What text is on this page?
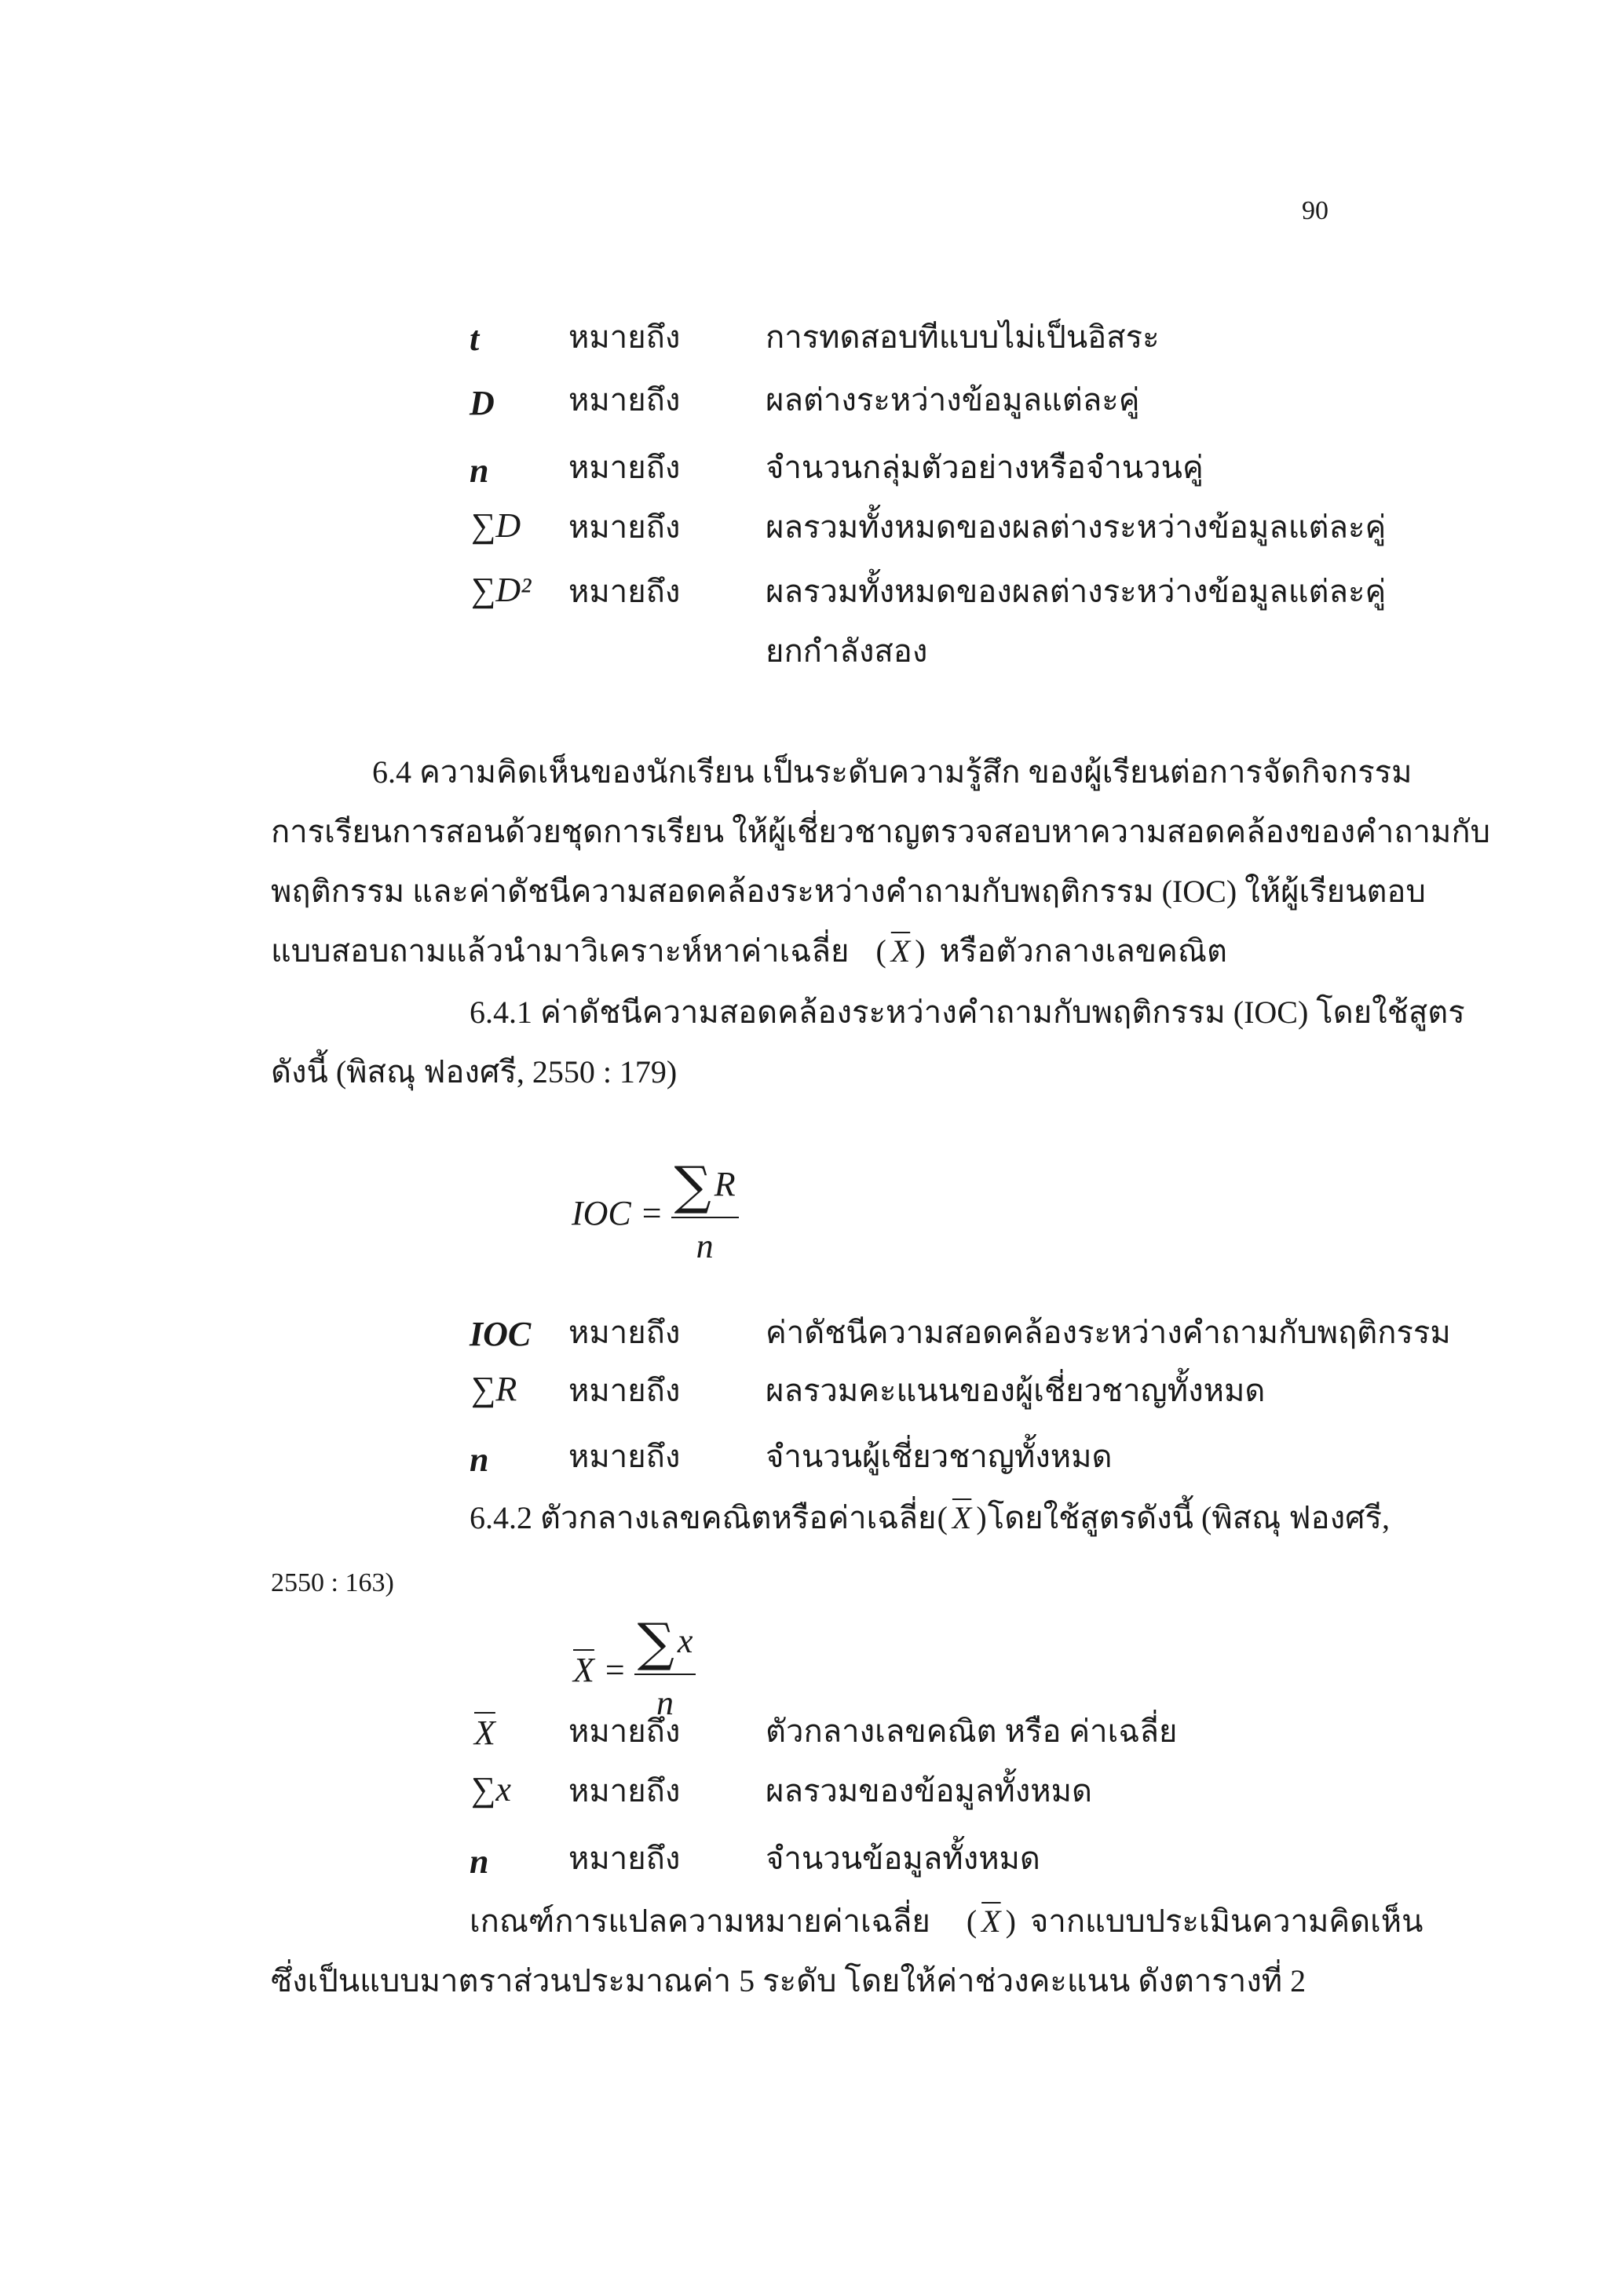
90
t	หมายถึง	การทดสอบทีแบบไม่เป็นอิสระ
D หมายถึง	ผลต่างระหว่างข้อมูลแต่ละคู่
n	หมายถึง	จำนวนกลุ่มตัวอย่างหรือจำนวนคู่
∑D หมายถึง	ผลรวมทั้งหมดของผลต่างระหว่างข้อมูลแต่ละคู่
∑D² หมายถึง	ผลรวมทั้งหมดของผลต่างระหว่างข้อมูลแต่ละคู่
ยกกำลังสอง
6.4 ความคิดเห็นของนักเรียน เป็นระดับความรู้สึก ของผู้เรียนต่อการจัดกิจกรรม
การเรียนการสอนด้วยชุดการเรียน ให้ผู้เชี่ยวชาญตรวจสอบหาความสอดคล้องของคำถามกับ
พฤติกรรม และค่าดัชนีความสอดคล้องระหว่างคำถามกับพฤติกรรม (IOC) ให้ผู้เรียนตอบ
แบบสอบถามแล้วนำมาวิเคราะห์หาค่าเฉลี่ย ( $\overline{X}$ ) หรือตัวกลางเลขคณิต
6.4.1 ค่าดัชนีความสอดคล้องระหว่างคำถามกับพฤติกรรม (IOC) โดยใช้สูตร
ดังนี้ (พิสณุ ฟองศรี, 2550 : 179)
IOC = $\frac{\sum R}{n}$
IOC หมายถึง	ค่าดัชนีความสอดคล้องระหว่างคำถามกับพฤติกรรม
∑R หมายถึง	ผลรวมคะแนนของผู้เชี่ยวชาญทั้งหมด
n	หมายถึง	จำนวนผู้เชี่ยวชาญทั้งหมด
6.4.2 ตัวกลางเลขคณิตหรือค่าเฉลี่ย ( $\overline{X}$ ) โดยใช้สูตรดังนี้ (พิสณุ ฟองศรี,
2550 : 163)
$\overline{X} = \frac{\sum x}{n}$
$\overline{X}$ หมายถึง	ตัวกลางเลขคณิต หรือ ค่าเฉลี่ย
∑x หมายถึง	ผลรวมของข้อมูลทั้งหมด
n	หมายถึง	จำนวนข้อมูลทั้งหมด
เกณฑ์การแปลความหมายค่าเฉลี่ย ( $\overline{X}$ ) จากแบบประเมินความคิดเห็น
ซึ่งเป็นแบบมาตราส่วนประมาณค่า 5 ระดับ โดยให้ค่าช่วงคะแนน ดังตารางที่ 2
